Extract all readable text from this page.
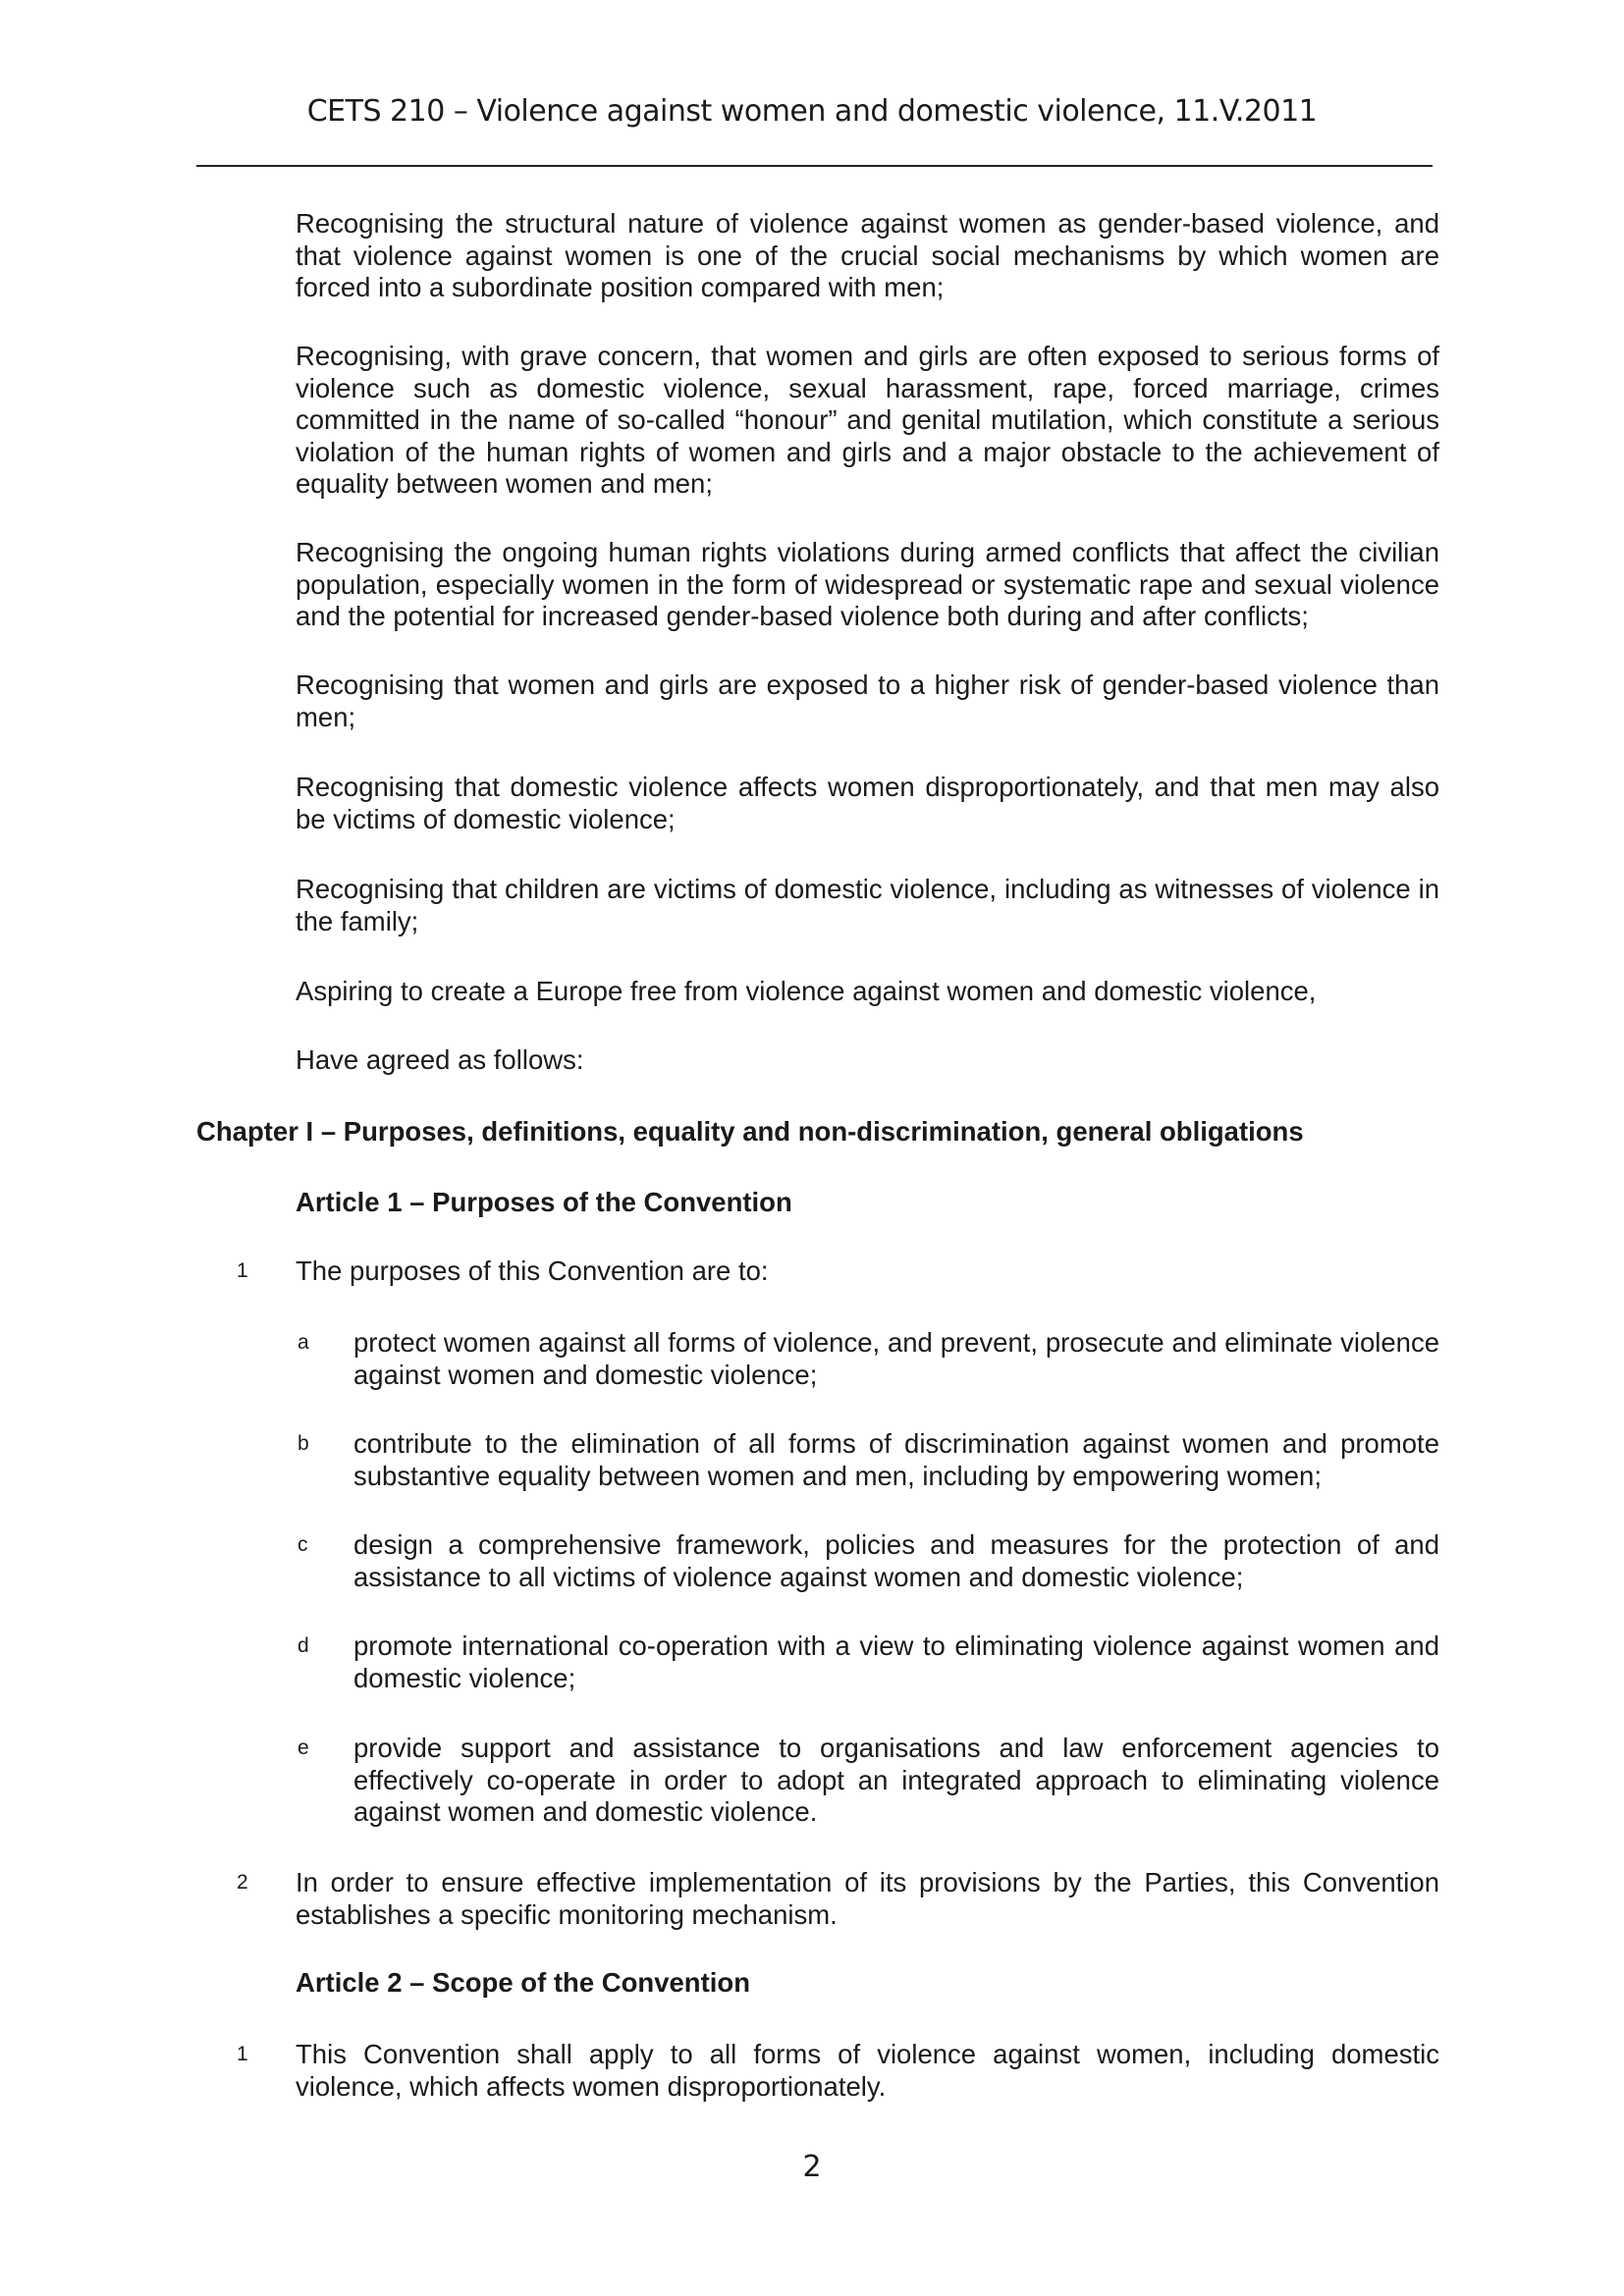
CETS 210 – Violence against women and domestic violence, 11.V.2011
Recognising the structural nature of violence against women as gender-based violence, and that violence against women is one of the crucial social mechanisms by which women are forced into a subordinate position compared with men;
Recognising, with grave concern, that women and girls are often exposed to serious forms of violence such as domestic violence, sexual harassment, rape, forced marriage, crimes committed in the name of so-called “honour” and genital mutilation, which constitute a serious violation of the human rights of women and girls and a major obstacle to the achievement of equality between women and men;
Recognising the ongoing human rights violations during armed conflicts that affect the civilian population, especially women in the form of widespread or systematic rape and sexual violence and the potential for increased gender-based violence both during and after conflicts;
Recognising that women and girls are exposed to a higher risk of gender-based violence than men;
Recognising that domestic violence affects women disproportionately, and that men may also be victims of domestic violence;
Recognising that children are victims of domestic violence, including as witnesses of violence in the family;
Aspiring to create a Europe free from violence against women and domestic violence,
Have agreed as follows:
Chapter I – Purposes, definitions, equality and non-discrimination, general obligations
Article 1 – Purposes of the Convention
1 The purposes of this Convention are to:
a protect women against all forms of violence, and prevent, prosecute and eliminate violence against women and domestic violence;
b contribute to the elimination of all forms of discrimination against women and promote substantive equality between women and men, including by empowering women;
c design a comprehensive framework, policies and measures for the protection of and assistance to all victims of violence against women and domestic violence;
d promote international co-operation with a view to eliminating violence against women and domestic violence;
e provide support and assistance to organisations and law enforcement agencies to effectively co-operate in order to adopt an integrated approach to eliminating violence against women and domestic violence.
2 In order to ensure effective implementation of its provisions by the Parties, this Convention establishes a specific monitoring mechanism.
Article 2 – Scope of the Convention
1 This Convention shall apply to all forms of violence against women, including domestic violence, which affects women disproportionately.
2
